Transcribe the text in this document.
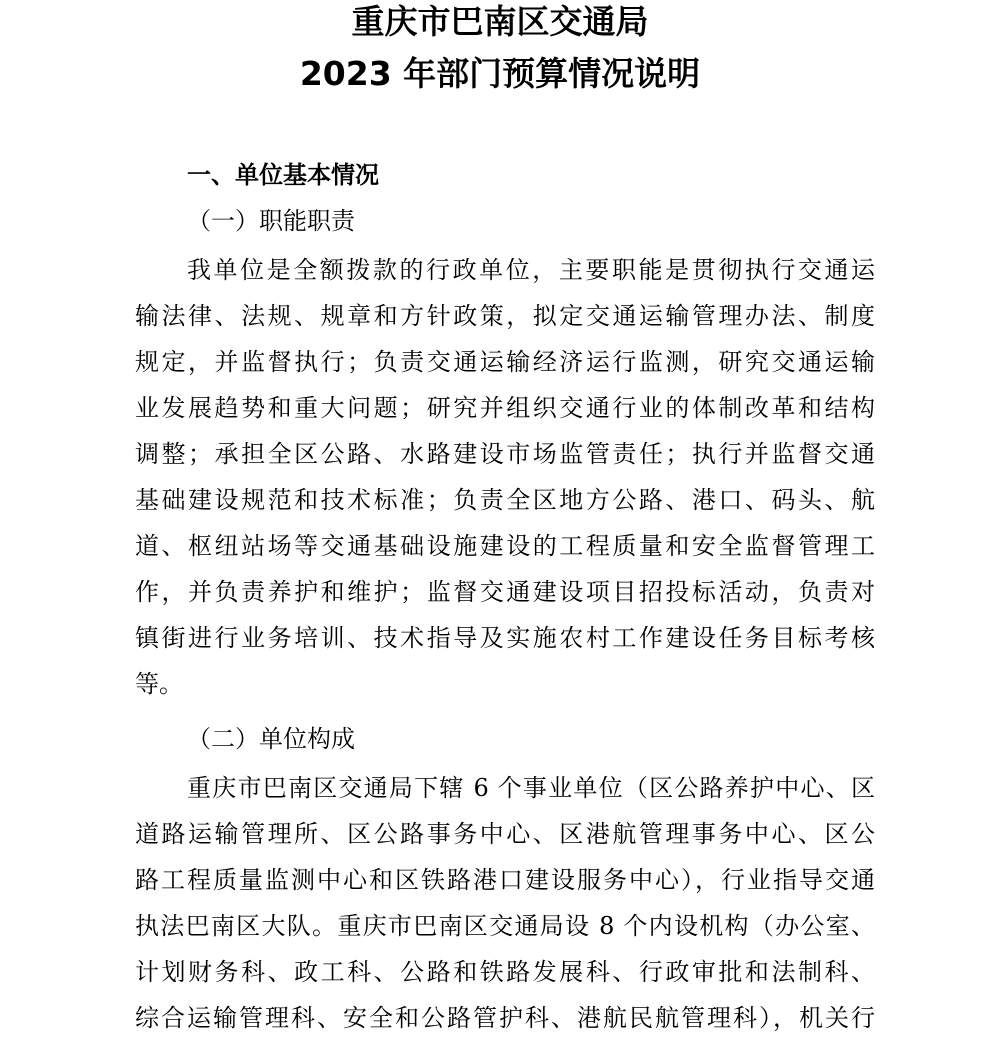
重庆市巴南区交通局
2023 年部门预算情况说明
一、单位基本情况
（一）职能职责
我单位是全额拨款的行政单位，主要职能是贯彻执行交通运
输法律、法规、规章和方针政策，拟定交通运输管理办法、制度
规定，并监督执行；负责交通运输经济运行监测，研究交通运输
业发展趋势和重大问题；研究并组织交通行业的体制改革和结构
调整；承担全区公路、水路建设市场监管责任；执行并监督交通
基础建设规范和技术标准；负责全区地方公路、港口、码头、航
道、枢纽站场等交通基础设施建设的工程质量和安全监督管理工
作，并负责养护和维护；监督交通建设项目招投标活动，负责对
镇街进行业务培训、技术指导及实施农村工作建设任务目标考核
等。
（二）单位构成
重庆市巴南区交通局下辖 6 个事业单位（区公路养护中心、区
道路运输管理所、区公路事务中心、区港航管理事务中心、区公
路工程质量监测中心和区铁路港口建设服务中心），行业指导交通
执法巴南区大队。重庆市巴南区交通局设 8 个内设机构（办公室、
计划财务科、政工科、公路和铁路发展科、行政审批和法制科、
综合运输管理科、安全和公路管护科、港航民航管理科），机关行
